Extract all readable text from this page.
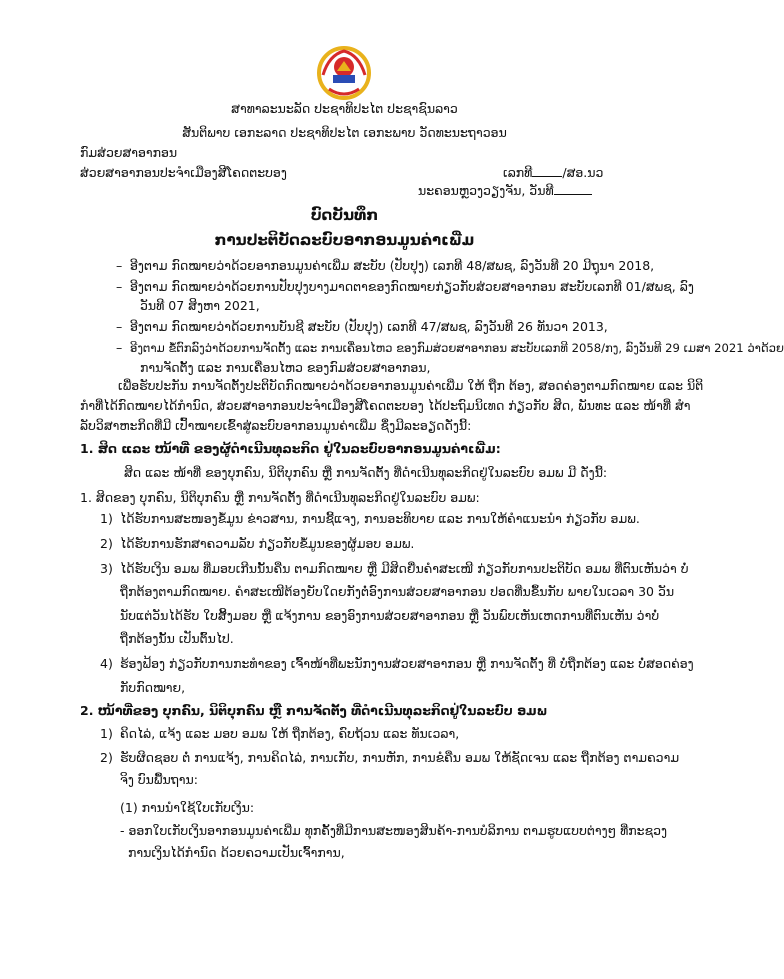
ສາທາລະນະລັດ ປະຊາທິປະໄຕ ປະຊາຊົນລາວ
ສັນຕິພາບ ເອກະລາດ ປະຊາທິປະໄຕ ເອກະພາບ ວັດທະນະຖາວອນ
ກົມສ່ວຍສາອາກອນ
ສ່ວຍສາອາກອນປະຈໍາເມືອງສີໂຄດຕະບອງ	ເລກທີ /ສອ.ນວ
ນະຄອນຫຼວງວຽງຈັນ, ວັນທີ
ບົດບັນທຶກ
ການປະຕິບັດລະບົບອາກອນມູນຄ່າເພີ່ມ
– ອີງຕາມ ກົດໝາຍວ່າດ້ວຍອາກອນມູນຄ່າເພີ່ມ ສະບັບ (ປັບປຸງ) ເລກທີ 48/ສພຊ, ລົງວັນທີ 20 ມີຖຸນາ 2018,
– ອີງຕາມ ກົດໝາຍວ່າດ້ວຍການປັບປຸງບາງມາດຕາຂອງກົດໝາຍກ່ຽວກັບສ່ວຍສາອາກອນ ສະບັບເລກທີ 01/ສພຊ, ລົງ
ວັນທີ 07 ສິງຫາ 2021,
– ອີງຕາມ ກົດໝາຍວ່າດ້ວຍການບັນຊີ ສະບັບ (ປັບປຸງ) ເລກທີ 47/ສພຊ, ລົງວັນທີ 26 ທັນວາ 2013,
– ອີງຕາມ ຂໍ້ຕົກລົງວ່າດ້ວຍການຈັດຕັ້ງ ແລະ ການເຄື່ອນໄຫວ ຂອງກົມສ່ວຍສາອາກອນ ສະບັບເລກທີ 2058/ກງ, ລົງວັນທີ 29 ເມສາ 2021 ວ່າດ້ວຍ
ການຈັດຕັ້ງ ແລະ ການເຄື່ອນໄຫວ ຂອງກົມສ່ວຍສາອາກອນ,
ເພື່ອຮັບປະກັນ ການຈັດຕັ້ງປະຕິບັດກົດໝາຍວ່າດ້ວຍອາກອນມູນຄ່າເພີ່ມ ໃຫ້ ຖືກ ຕ້ອງ, ສອດຄ່ອງຕາມກົດໝາຍ ແລະ ນິຕິ
ກໍາທີ່ໄດ້ກົດໝາຍໄດ້ກໍານົດ, ສ່ວຍສາອາກອນປະຈໍາເມືອງສີໂຄດຕະບອງ ໄດ້ປະຖົມນິເທດ ກ່ຽວກັບ ສິດ, ພັນທະ ແລະ ໜ້າທີ່ ສໍາ
ລັບວິສາຫະກິດທີ່ມີ ເປົ້າໝາຍເຂົ້າສູ່ລະບົບອາກອນມູນຄ່າເພີ່ມ ຊຶ່ງມີລະອຽດດັ່ງນີ້:
1. ສິດ ແລະ ໜ້າທີ່ ຂອງຜູ້ດໍາເນີນທຸລະກິດ ຢູ່ໃນລະບົບອາກອນມູນຄ່າເພີ່ມ:
ສິດ ແລະ ໜ້າທີ່ ຂອງບຸກຄົນ, ນິຕິບຸກຄົນ ຫຼື ການຈັດຕັ້ງ ທີ່ດໍາເນີນທຸລະກິດຢູ່ໃນລະບົບ ອມພ ມີ ດັ່ງນີ້:
1. ສິດຂອງ ບຸກຄົນ, ນິຕິບຸກຄົນ ຫຼື ການຈັດຕັ້ງ ທີ່ດໍາເນີນທຸລະກິດຢູ່ໃນລະບົບ ອມພ:
1) ໄດ້ຮັບການສະໜອງຂໍ້ມູນ ຂ່າວສານ, ການຊີ້ແຈງ, ການອະທິບາຍ ແລະ ການໃຫ້ຄໍາແນະນໍາ ກ່ຽວກັບ ອມພ.
2) ໄດ້ຮັບການຮັກສາຄວາມລັບ ກ່ຽວກັບຂໍ້ມູນຂອງຜູ້ມອບ ອມພ.
3) ໄດ້ຮັບເງິນ ອມພ ທີ່ມອບເກີນນັ້ນຄືນ ຕາມກົດໝາຍ ຫຼື ມີສິດຍື່ນຄໍາສະເໜີ ກ່ຽວກັບການປະຕິບັດ ອມພ ທີ່ຕົນເຫັນວ່າ ບໍ່
ຖືກຕ້ອງຕາມກົດໝາຍ. ຄໍາສະເໜີຕ້ອງຍັບໃດຍກັງຕໍ່ອົງການສ່ວຍສາອາກອນ ປອດທີ່ນຂຶ້ນກັບ ພາຍໃນເວລາ 30 ວັນ
ນັບແຕ່ວັນໄດ້ຮັບ ໃບສິ້ງມອບ ຫຼື ແຈ້ງການ ຂອງອົງການສ່ວຍສາອາກອນ ຫຼື ວັນພົບເຫັນເຫດການທີ່ຕົນເຫັນ ວ່າບໍ່
ຖືກຕ້ອງນັ້ນ ເປັນຕົ້ນໄປ.
4) ຮ້ອງຟ້ອງ ກ່ຽວກັບການກະທໍາຂອງ ເຈົ້າໜ້າທີ່ພະນັກງານສ່ວຍສາອາກອນ ຫຼື ການຈັດຕັ້ງ ທີ່ ບໍ່ຖືກຕ້ອງ ແລະ ບໍ່ສອດຄ່ອງ
ກັບກົດໝາຍ,
2. ໜ້າທີ່ຂອງ ບຸກຄົນ, ນິຕິບຸກຄົນ ຫຼື ການຈັດຕັ້ງ ທີ່ດໍາເນີນທຸລະກິດຢູ່ໃນລະບົບ ອມພ
1) ຄິດໄລ່, ແຈ້ງ ແລະ ມອບ ອມພ ໃຫ້ ຖືກຕ້ອງ, ຄົບຖ້ວນ ແລະ ທັນເວລາ,
2) ຮັບຜິດຊອບ ຕໍ່ ການແຈ້ງ, ການຄິດໄລ່, ການເກັບ, ການຫັກ, ການຂໍຄືນ ອມພ ໃຫ້ຊັດເຈນ ແລະ ຖືກຕ້ອງ ຕາມຄວາມ
ຈິງ ບົນພື້ນຖານ:
(1) ການນໍາໃຊ້ໃບເກັບເງິນ:
- ອອກໃບເກັບເງິນອາກອນມູນຄ່າເພີ່ມ ທຸກຄັ້ງທີ່ມີການສະໜອງສິນຄ້າ-ການບໍລິການ ຕາມຮູບແບບຕ່າງໆ ທີ່ກະຊວງ
ການເງິນໄດ້ກໍານົດ ດ້ວຍຄວາມເປັນເຈົ້າການ,
